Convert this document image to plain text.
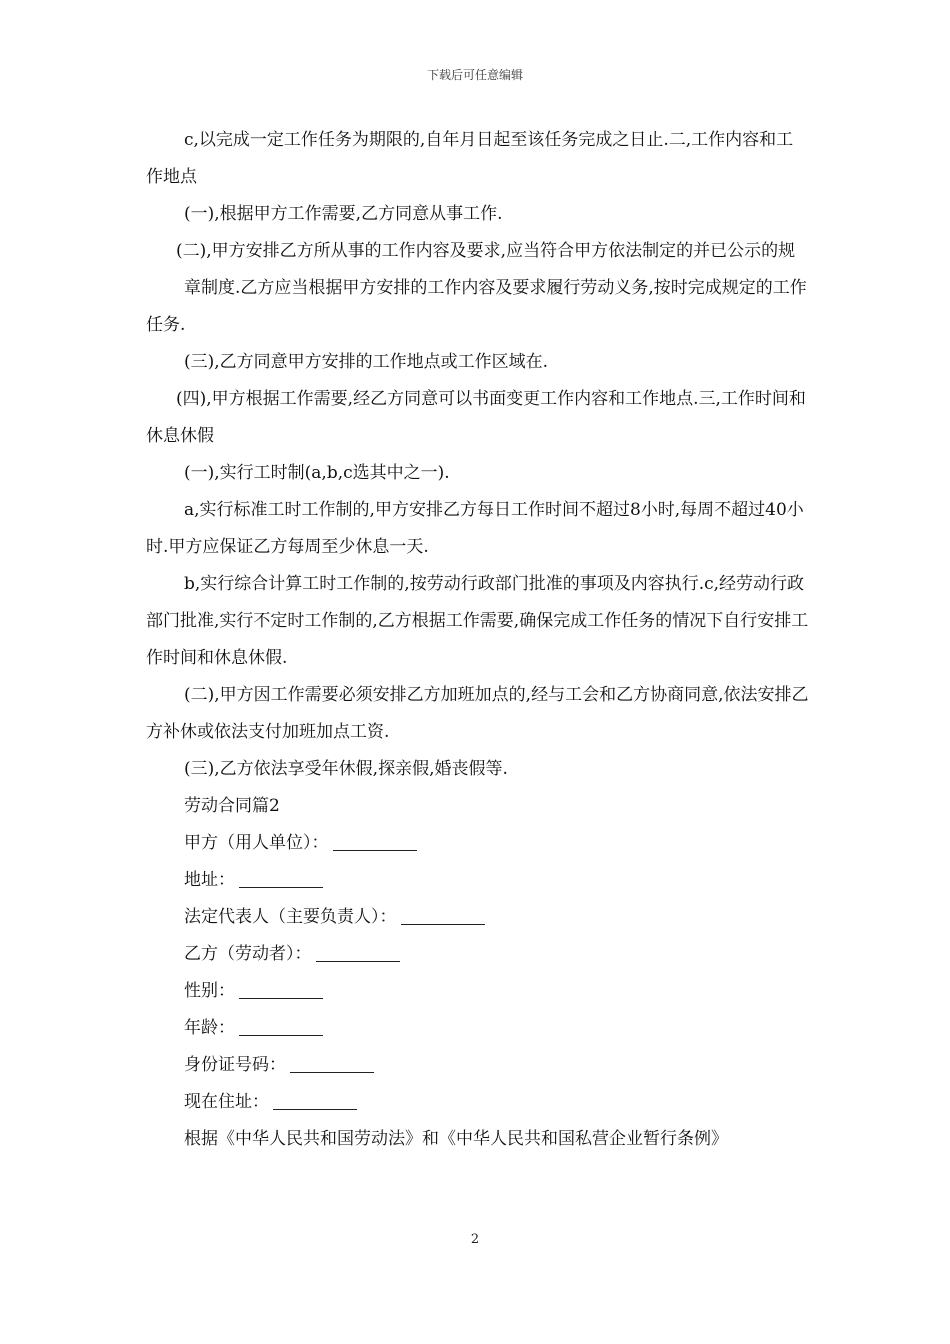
下载后可任意编辑

c,以完成一定工作任务为期限的,自年月日起至该任务完成之日止.二,工作内容和工作地点

(一),根据甲方工作需要,乙方同意从事工作.

(二),甲方安排乙方所从事的工作内容及要求,应当符合甲方依法制定的并已公示的规

章制度.乙方应当根据甲方安排的工作内容及要求履行劳动义务,按时完成规定的工作任务.

(三),乙方同意甲方安排的工作地点或工作区域在.

(四),甲方根据工作需要,经乙方同意可以书面变更工作内容和工作地点.三,工作时间和休息休假

(一),实行工时制(a,b,c选其中之一).

a,实行标准工时工作制的,甲方安排乙方每日工作时间不超过8小时,每周不超过40小时.甲方应保证乙方每周至少休息一天.

b,实行综合计算工时工作制的,按劳动行政部门批准的事项及内容执行.c,经劳动行政部门批准,实行不定时工作制的,乙方根据工作需要,确保完成工作任务的情况下自行安排工作时间和休息休假.

(二),甲方因工作需要必须安排乙方加班加点的,经与工会和乙方协商同意,依法安排乙方补休或依法支付加班加点工资.

(三),乙方依法享受年休假,探亲假,婚丧假等.

劳动合同篇2

甲方（用人单位）：

地址：

法定代表人（主要负责人）：

乙方（劳动者）：

性别：

年龄：

身份证号码：

现在住址：

根据《中华人民共和国劳动法》和《中华人民共和国私营企业暂行条例》

2
